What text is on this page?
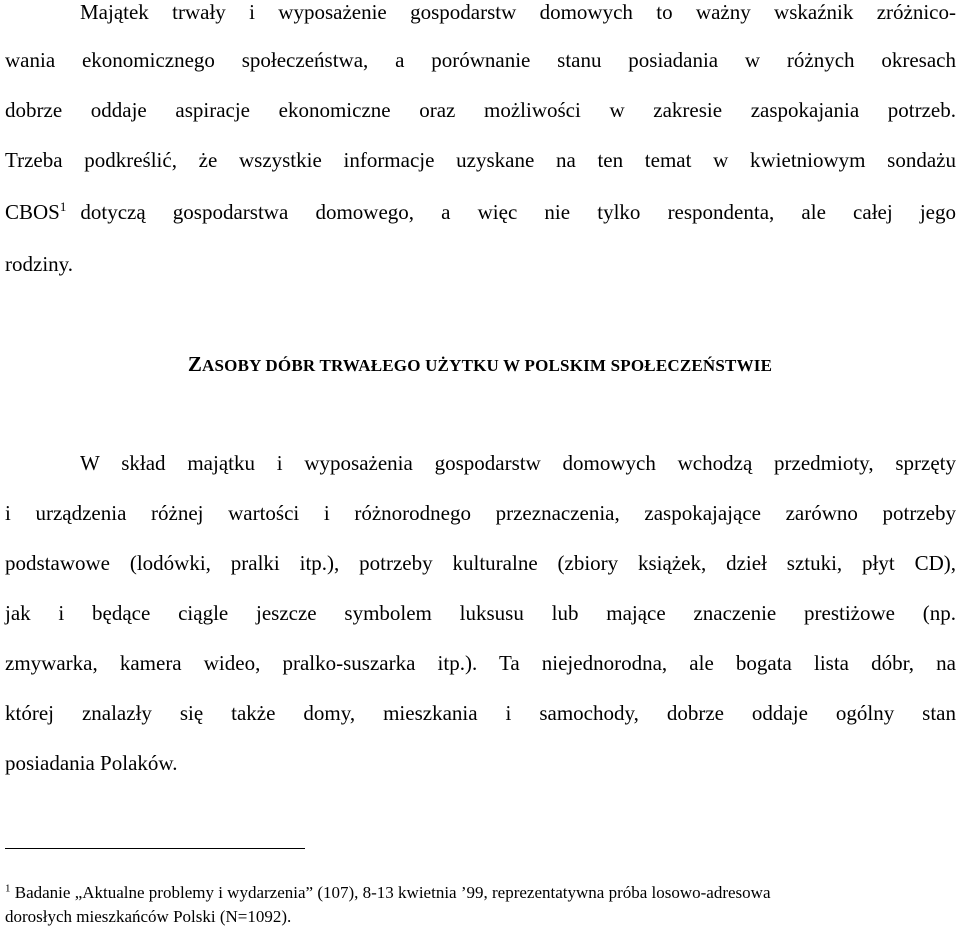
Majątek trwały i wyposażenie gospodarstw domowych to ważny wskaźnik zróżnico-
wania ekonomicznego społeczeństwa, a porównanie stanu posiadania w różnych okresach
dobrze oddaje aspiracje ekonomiczne oraz możliwości w zakresie zaspokajania potrzeb.
Trzeba podkreślić, że wszystkie informacje uzyskane na ten temat w kwietniowym sondażu
CBOS$^1$ dotyczą gospodarstwa domowego, a więc nie tylko respondenta, ale całej jego
rodziny.
ZASOBY DÓBR TRWAŁEGO UŻYTKU W POLSKIM SPOŁECZEŃSTWIE
W skład majątku i wyposażenia gospodarstw domowych wchodzą przedmioty, sprzęty
i urządzenia różnej wartości i różnorodnego przeznaczenia, zaspokajające zarówno potrzeby
podstawowe (lodówki, pralki itp.), potrzeby kulturalne (zbiory książek, dzieł sztuki, płyt CD),
jak i będące ciągle jeszcze symbolem luksusu lub mające znaczenie prestiżowe (np.
zmywarka, kamera wideo, pralko-suszarka itp.). Ta niejednorodna, ale bogata lista dóbr, na
której znalazły się także domy, mieszkania i samochody, dobrze oddaje ogólny stan
posiadania Polaków.
$^1$ Badanie „Aktualne problemy i wydarzenia” (107), 8-13 kwietnia ’99, reprezentatywna próba losowo-adresowa
dorosłych mieszkańców Polski (N=1092).
